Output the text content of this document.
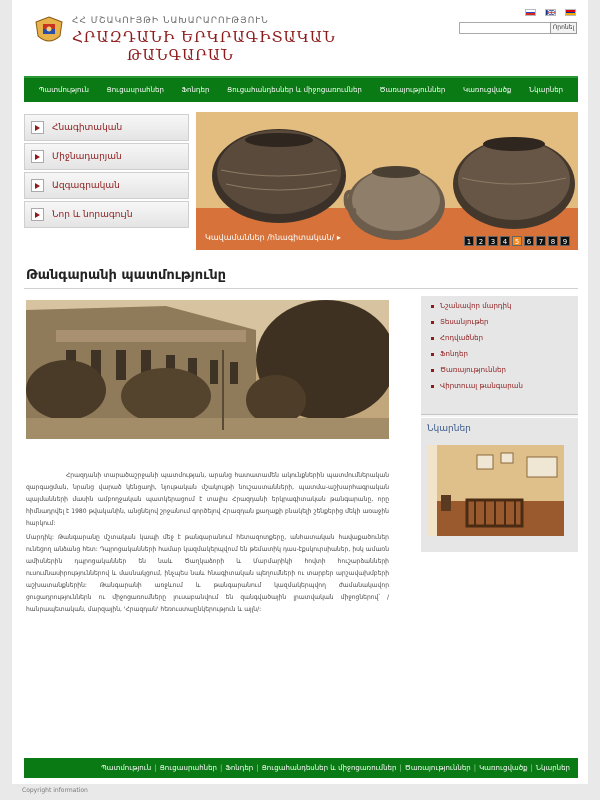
ՀՀ ՄՇԱԿՈՒՅԹԻ ՆԱԽԱՐԱՐՈՒԹՅՈՒՆ
ՀՐԱԶԴԱՆԻ ԵՐԿՐԱԳԻՏԱԿԱՆ
ԹԱՆԳԱՐԱՆ
Որոնել
Պատմություն	Ցուցասրահներ	Ֆոնդեր	Ցուցահանդեսներ և միջոցառումներ	Ծառայություններ	Կառուցվածք	Նկարներ
Հնագիտական
Միջնադարյան
Ազգագրական
Նոր և նորագույն
Կավամաններ /հնագիտական/ ▸	1	2	3	4	5	6	7	8	9
Թանգարանի պատմությունը

Հրազդանի տարածաշրջանի պատմության, արանց հատատամեն ակունքներին պատմումներական զարգացման, նրանց վարած կենցաղի, նյութական մշակույթի նուշաստանների, պատմա-աշխարհագրական պայմանների մասին ամբողջական պատկերացում է տալիս Հրազդանի երկրագիտական թանգարանը, որը հիմնադրվել է 1980 թվականին, անցնելով շրջանում գործելով Հրազդան քաղաքի բնակելի շենքերից մեկի առաջին հարկում:

Մարդիկ: Թանգարանը մշտական կապի մեջ է թանգարանում հետազոտքերը, անհատական հավաքածուներ ունեցող անձանց հետ: Դպրոցականների համար կազմակերպվում են թեմատիկ դաս-էքսկուրսիաներ, իսկ ամառն ամիսներին դպրոցականներ են նաև Ծաղկաձորի և Մարմարիկի հովտի հուշարձանների ուսումնասիրություններով և մասնակցում, ինչպես նաև հնագիտական պեղումների ու տարբեր արշավախմբերի աշխատանքներին: Թանգարանի առջևում և թանգարանում կազմակերպվող ժամանակավոր ցուցադրություններն ու միջոցառումները լուսաբանվում են զանգվածային լրատվական միջոցներով՝ /հանրապետական, մարզային, 'Հրազդան' հեռուստաընկերություն և այլն/:

Նշանավոր մարդիկ
Տեսանյութեր
Հոդվածներ
Ֆոնդեր
Ծառայություններ
Վիրտուալ թանգարան
Նկարներ
Պատմություն | Ցուցասրահներ | Ֆոնդեր | Ցուցահանդեսներ և միջոցառումներ | Ծառայություններ | Կառուցվածք | Նկարներ
Copyright information
